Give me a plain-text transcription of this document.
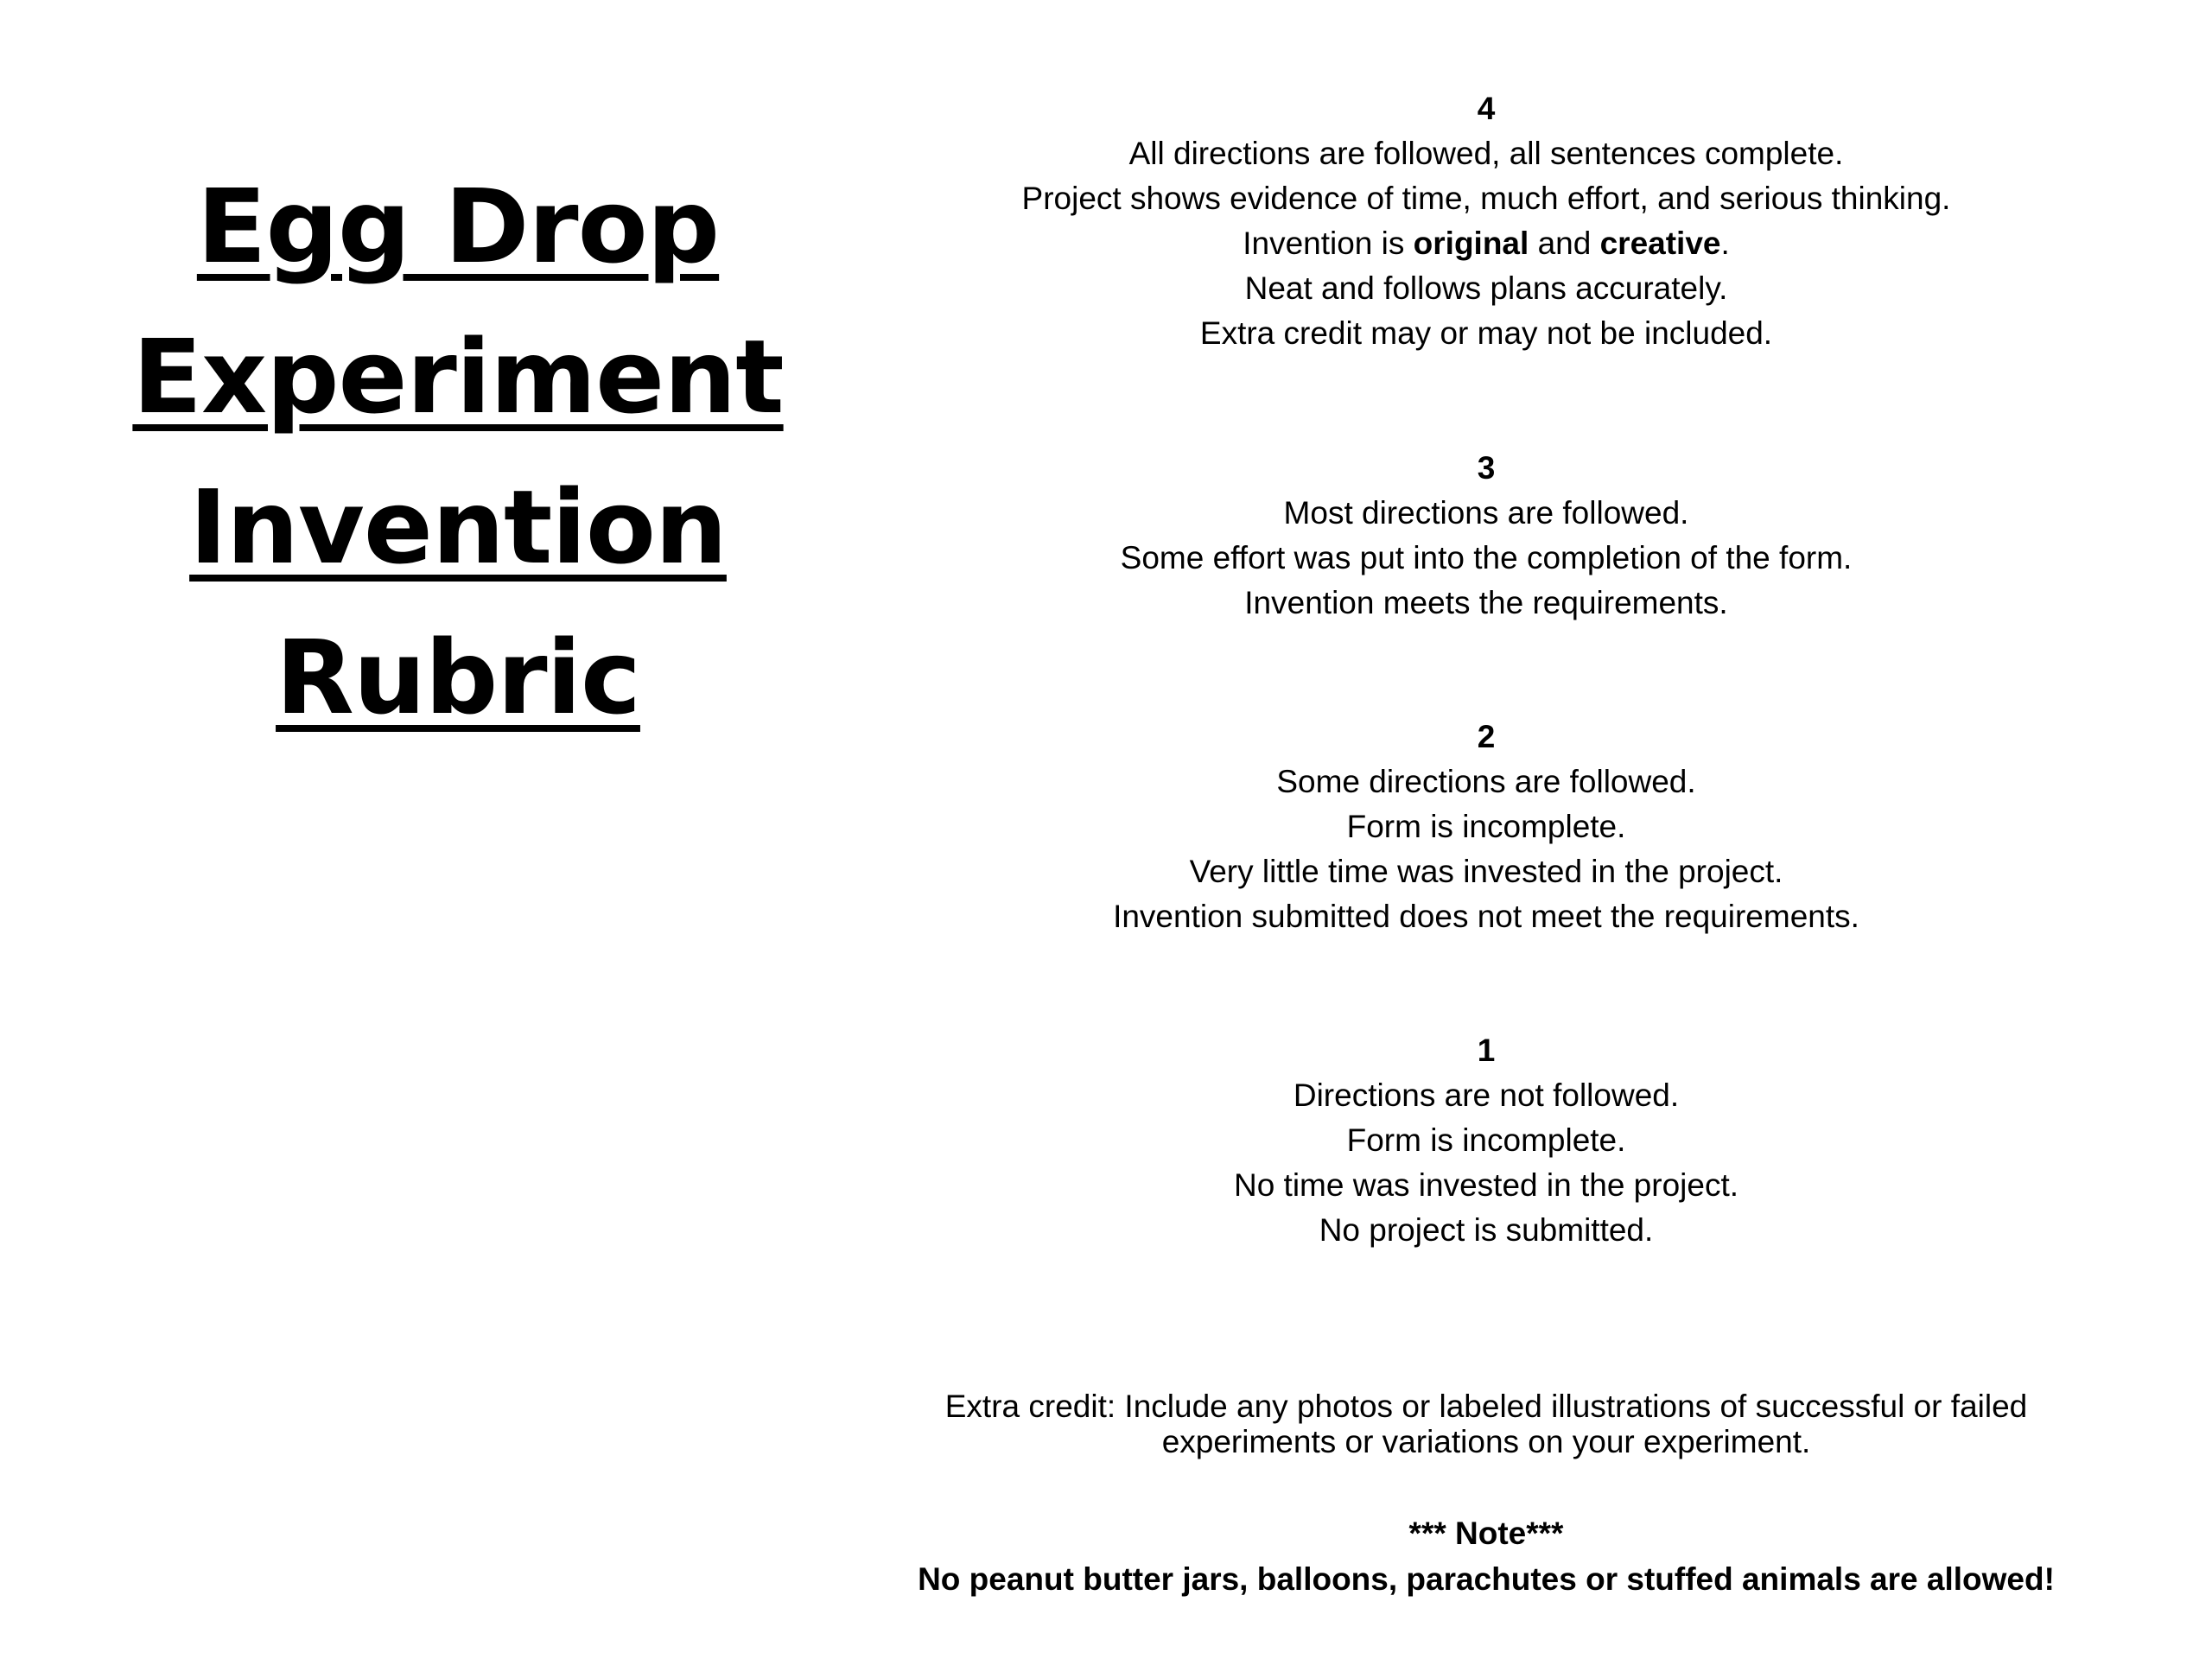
Egg Drop
Experiment
Invention
Rubric
4
All directions are followed, all sentences complete.
Project shows evidence of time, much effort, and serious thinking.
Invention is original and creative.
Neat and follows plans accurately.
Extra credit may or may not be included.
3
Most directions are followed.
Some effort was put into the completion of the form.
Invention meets the requirements.
2
Some directions are followed.
Form is incomplete.
Very little time was invested in the project.
Invention submitted does not meet the requirements.
1
Directions are not followed.
Form is incomplete.
No time was invested in the project.
No project is submitted.
Extra credit: Include any photos or labeled illustrations of successful or failed
experiments or variations on your experiment.
*** Note***
No peanut butter jars, balloons, parachutes or stuffed animals are allowed!
